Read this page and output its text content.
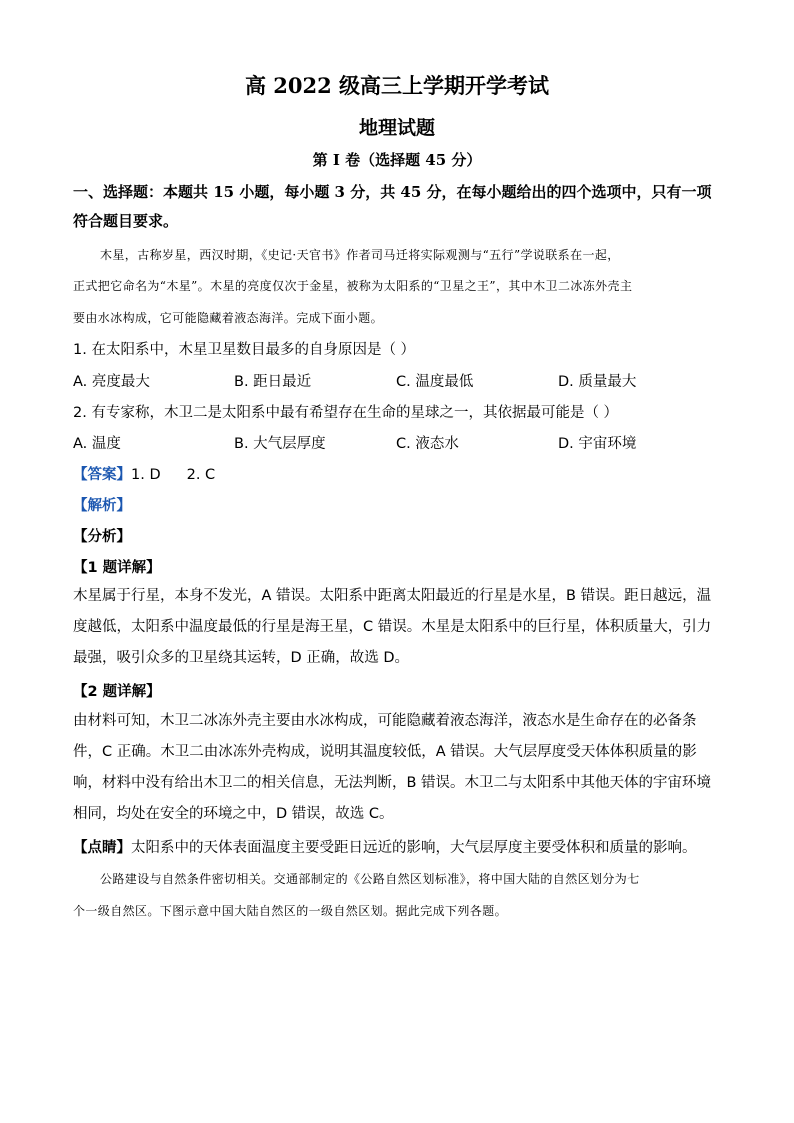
高 2022 级高三上学期开学考试
地理试题
第 I 卷（选择题 45 分）
一、选择题：本题共 15 小题，每小题 3 分，共 45 分，在每小题给出的四个选项中，只有一项符合题目要求。
木星，古称岁星，西汉时期，《史记·天官书》作者司马迁将实际观测与“五行”学说联系在一起，
正式把它命名为“木星”。木星的亮度仅次于金星，被称为太阳系的“卫星之王”，其中木卫二冰冻外壳主
要由水冰构成，它可能隐藏着液态海洋。完成下面小题。
1. 在太阳系中，木星卫星数目最多的自身原因是（ ）
A. 亮度最大	B. 距日最近	C. 温度最低	D. 质量最大
2. 有专家称，木卫二是太阳系中最有希望存在生命的星球之一，其依据最可能是（ ）
A. 温度	B. 大气层厚度	C. 液态水	D. 宇宙环境
【答案】1. D 2. C
【解析】
【分析】
【1 题详解】
木星属于行星，本身不发光，A 错误。太阳系中距离太阳最近的行星是水星，B 错误。距日越远，温度越低，太阳系中温度最低的行星是海王星，C 错误。木星是太阳系中的巨行星，体积质量大，引力最强，吸引众多的卫星绕其运转，D 正确，故选 D。
【2 题详解】
由材料可知，木卫二冰冻外壳主要由水冰构成，可能隐藏着液态海洋，液态水是生命存在的必备条件，C 正确。木卫二由冰冻外壳构成，说明其温度较低，A 错误。大气层厚度受天体体积质量的影响，材料中没有给出木卫二的相关信息，无法判断，B 错误。木卫二与太阳系中其他天体的宇宙环境相同，均处在安全的环境之中，D 错误，故选 C。
【点睛】太阳系中的天体表面温度主要受距日远近的影响，大气层厚度主要受体积和质量的影响。
公路建设与自然条件密切相关。交通部制定的《公路自然区划标准》，将中国大陆的自然区划分为七
个一级自然区。下图示意中国大陆自然区的一级自然区划。据此完成下列各题。
